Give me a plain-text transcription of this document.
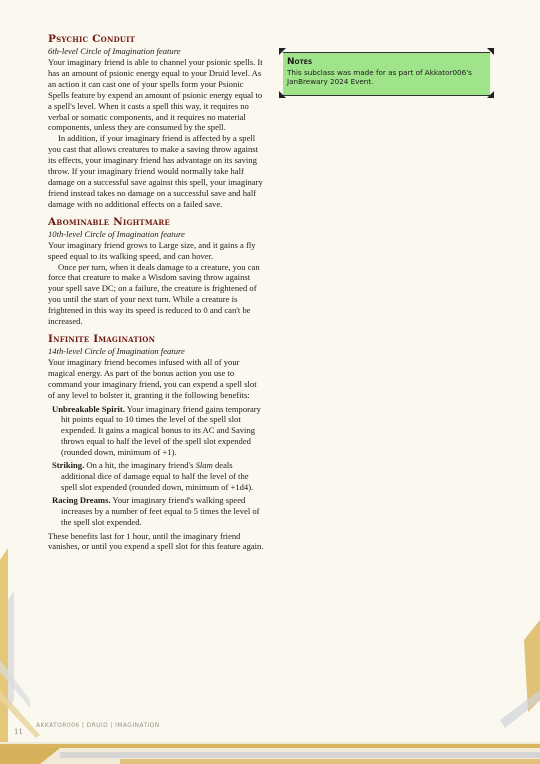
Psychic Conduit
6th-level Circle of Imagination feature

Your imaginary friend is able to channel your psionic spells. It has an amount of psionic energy equal to your Druid level. As an action it can cast one of your spells form your Psionic Spells feature by expend an amount of psionic energy equal to a spell's level. When it casts a spell this way, it requires no verbal or somatic components, and it requires no material components, unless they are consumed by the spell.

In addition, if your imaginary friend is affected by a spell you cast that allows creatures to make a saving throw against its effects, your imaginary friend has advantage on its saving throw. If your imaginary friend would normally take half damage on a successful save against this spell, your imaginary friend instead takes no damage on a successful save and half damage with no additional effects on a failed save.

Abominable Nightmare
10th-level Circle of Imagination feature

Your imaginary friend grows to Large size, and it gains a fly speed equal to its walking speed, and can hover.

Once per turn, when it deals damage to a creature, you can force that creature to make a Wisdom saving throw against your spell save DC; on a failure, the creature is frightened of you until the start of your next turn. While a creature is frightened in this way its speed is reduced to 0 and can't be increased.

Infinite Imagination
14th-level Circle of Imagination feature

Your imaginary friend becomes infused with all of your magical energy. As part of the bonus action you use to command your imaginary friend, you can expend a spell slot of any level to bolster it, granting it the following benefits:

Unbreakable Spirit. Your imaginary friend gains temporary hit points equal to 10 times the level of the spell slot expended. It gains a magical bonus to its AC and Saving throws equal to half the level of the spell slot expended (rounded down, minimum of +1).
Striking. On a hit, the imaginary friend's Slam deals additional dice of damage equal to half the level of the spell slot expended (rounded down, minimum of +1d4).
Racing Dreams. Your imaginary friend's walking speed increases by a number of feet equal to 5 times the level of the spell slot expended.

These benefits last for 1 hour, until the imaginary friend vanishes, or until you expend a spell slot for this feature again.

Notes
This subclass was made for as part of Akkator006's JanBrewary 2024 Event.
11
AKKATOR006 | DRUID | IMAGINATION
